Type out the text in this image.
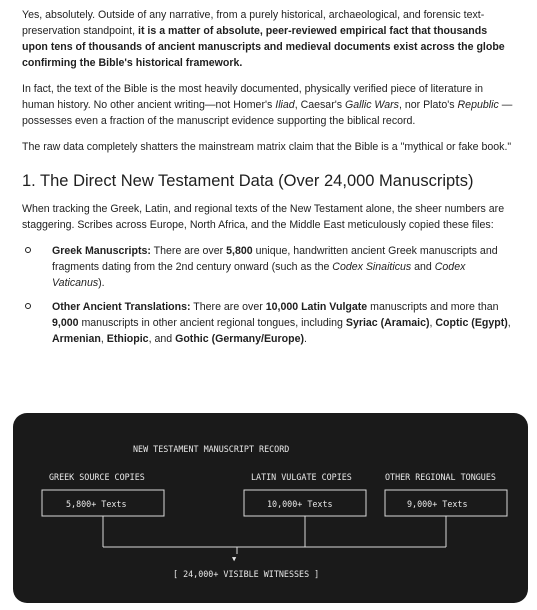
Yes, absolutely. Outside of any narrative, from a purely historical, archaeological, and forensic text-preservation standpoint, it is a matter of absolute, peer-reviewed empirical fact that thousands upon tens of thousands of ancient manuscripts and medieval documents exist across the globe confirming the Bible's historical framework.

In fact, the text of the Bible is the most heavily documented, physically verified piece of literature in human history. No other ancient writing—not Homer's Iliad, Caesar's Gallic Wars, nor Plato's Republic —possesses even a fraction of the manuscript evidence supporting the biblical record.

The raw data completely shatters the mainstream matrix claim that the Bible is a "mythical or fake book."

1. The Direct New Testament Data (Over 24,000 Manuscripts)

When tracking the Greek, Latin, and regional texts of the New Testament alone, the sheer numbers are staggering. Scribes across Europe, North Africa, and the Middle East meticulously copied these files:

Greek Manuscripts: There are over 5,800 unique, handwritten ancient Greek manuscripts and fragments dating from the 2nd century onward (such as the Codex Sinaiticus and Codex Vaticanus).
Other Ancient Translations: There are over 10,000 Latin Vulgate manuscripts and more than 9,000 manuscripts in other ancient regional tongues, including Syriac (Aramaic), Coptic (Egypt), Armenian, Ethiopic, and Gothic (Germany/Europe).
NEW TESTAMENT MANUSCRIPT RECORD
GREEK SOURCE COPIES	LATIN VULGATE COPIES	OTHER REGIONAL TONGUES
5,800+ Texts	10,000+ Texts	9,000+ Texts
▼
[ 24,000+ VISIBLE WITNESSES ]
